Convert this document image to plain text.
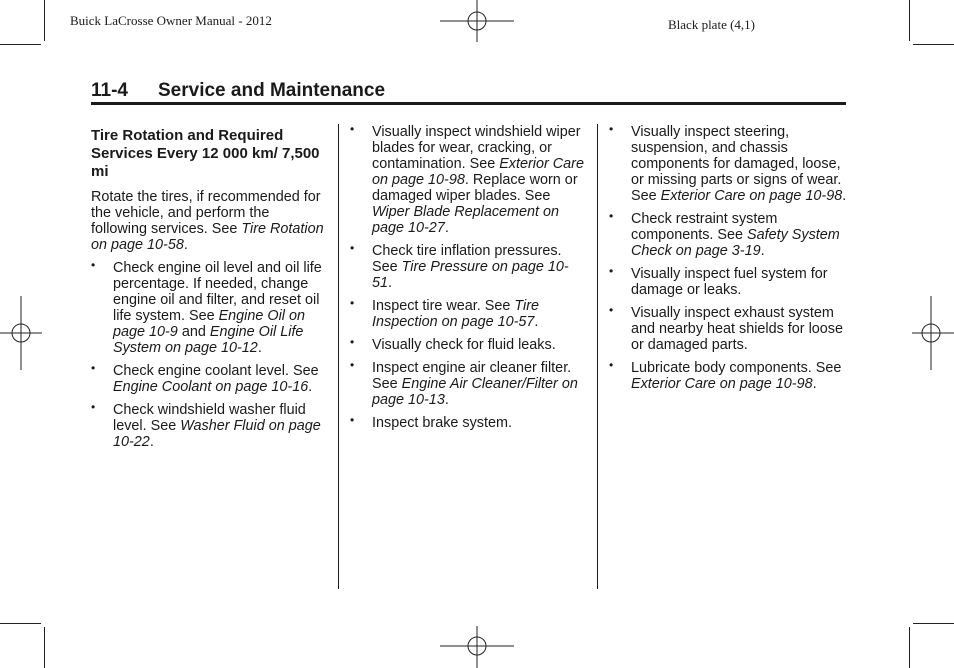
Buick LaCrosse Owner Manual - 2012	Black plate (4,1)
11-4 Service and Maintenance
Tire Rotation and Required Services Every 12 000 km/ 7,500 mi

Rotate the tires, if recommended for the vehicle, and perform the following services. See Tire Rotation on page 10-58.

• Check engine oil level and oil life percentage. If needed, change engine oil and filter, and reset oil life system. See Engine Oil on page 10-9 and Engine Oil Life System on page 10-12.
• Check engine coolant level. See Engine Coolant on page 10-16.
• Check windshield washer fluid level. See Washer Fluid on page 10-22.
• Visually inspect windshield wiper blades for wear, cracking, or contamination. See Exterior Care on page 10-98. Replace worn or damaged wiper blades. See Wiper Blade Replacement on page 10-27.
• Check tire inflation pressures. See Tire Pressure on page 10-51.
• Inspect tire wear. See Tire Inspection on page 10-57.
• Visually check for fluid leaks.
• Inspect engine air cleaner filter. See Engine Air Cleaner/Filter on page 10-13.
• Inspect brake system.
• Visually inspect steering, suspension, and chassis components for damaged, loose, or missing parts or signs of wear. See Exterior Care on page 10-98.
• Check restraint system components. See Safety System Check on page 3-19.
• Visually inspect fuel system for damage or leaks.
• Visually inspect exhaust system and nearby heat shields for loose or damaged parts.
• Lubricate body components. See Exterior Care on page 10-98.
